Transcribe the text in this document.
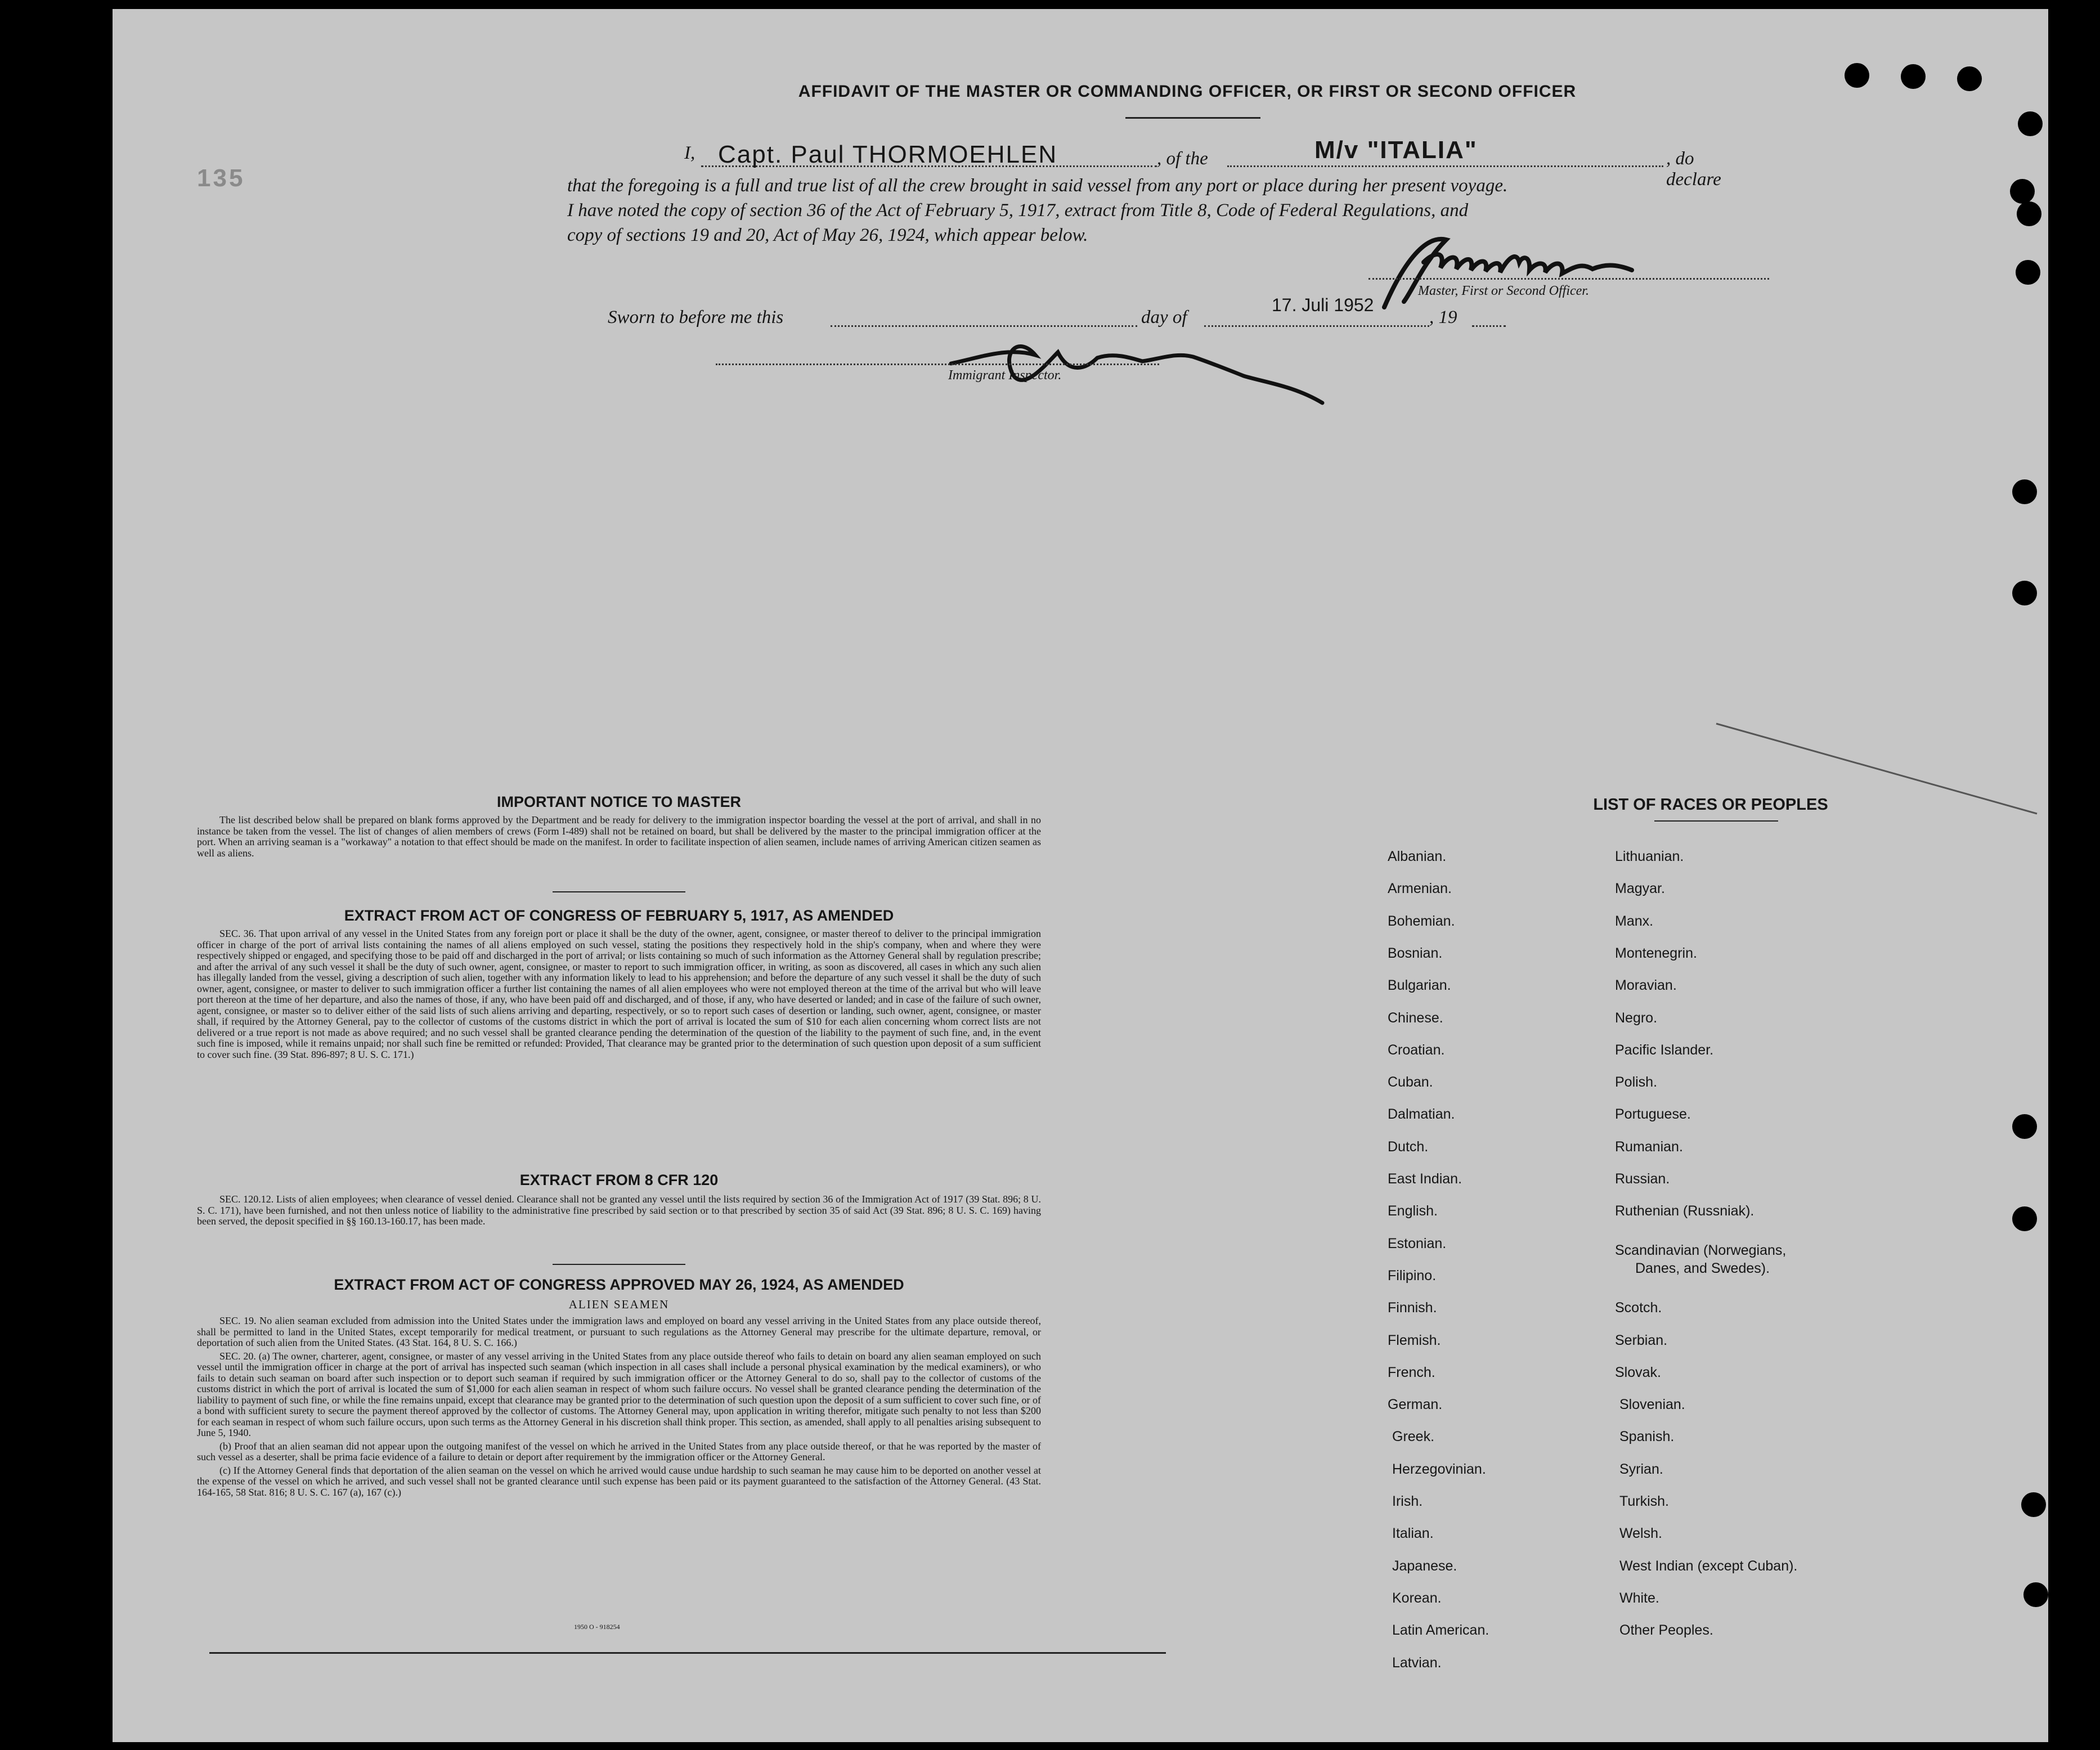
135
AFFIDAVIT OF THE MASTER OR COMMANDING OFFICER, OR FIRST OR SECOND OFFICER
I, Capt. Paul THORMOEHLEN	, of the	M/v "ITALIA"	, do declare
that the foregoing is a full and true list of all the crew brought in said vessel from any port or place during her present voyage.
I have noted the copy of section 36 of the Act of February 5, 1917, extract from Title 8, Code of Federal Regulations, and
copy of sections 19 and 20, Act of May 26, 1924, which appear below.
Master, First or Second Officer.
Sworn to before me this	day of
17. Juli 1952
, 19
Immigrant Inspector.
IMPORTANT NOTICE TO MASTER

The list described below shall be prepared on blank forms approved by the Department and be ready for delivery to the immigration inspector boarding the vessel at the port of arrival, and shall in no instance be taken from the vessel. The list of changes of alien members of crews (Form I-489) shall not be retained on board, but shall be delivered by the master to the principal immigration officer at the port. When an arriving seaman is a "workaway" a notation to that effect should be made on the manifest. In order to facilitate inspection of alien seamen, include names of arriving American citizen seamen as well as aliens.

EXTRACT FROM ACT OF CONGRESS OF FEBRUARY 5, 1917, AS AMENDED

SEC. 36. That upon arrival of any vessel in the United States from any foreign port or place it shall be the duty of the owner, agent, consignee, or master thereof to deliver to the principal immigration officer in charge of the port of arrival lists containing the names of all aliens employed on such vessel, stating the positions they respectively hold in the ship's company, when and where they were respectively shipped or engaged, and specifying those to be paid off and discharged in the port of arrival; or lists containing so much of such information as the Attorney General shall by regulation prescribe; and after the arrival of any such vessel it shall be the duty of such owner, agent, consignee, or master to report to such immigration officer, in writing, as soon as discovered, all cases in which any such alien has illegally landed from the vessel, giving a description of such alien, together with any information likely to lead to his apprehension; and before the departure of any such vessel it shall be the duty of such owner, agent, consignee, or master to deliver to such immigration officer a further list containing the names of all alien employees who were not employed thereon at the time of the arrival but who will leave port thereon at the time of her departure, and also the names of those, if any, who have been paid off and discharged, and of those, if any, who have deserted or landed; and in case of the failure of such owner, agent, consignee, or master so to deliver either of the said lists of such aliens arriving and departing, respectively, or so to report such cases of desertion or landing, such owner, agent, consignee, or master shall, if required by the Attorney General, pay to the collector of customs of the customs district in which the port of arrival is located the sum of $10 for each alien concerning whom correct lists are not delivered or a true report is not made as above required; and no such vessel shall be granted clearance pending the determination of the question of the liability to the payment of such fine, and, in the event such fine is imposed, while it remains unpaid; nor shall such fine be remitted or refunded: Provided, That clearance may be granted prior to the determination of such question upon deposit of a sum sufficient to cover such fine. (39 Stat. 896-897; 8 U. S. C. 171.)

EXTRACT FROM 8 CFR 120

SEC. 120.12. Lists of alien employees; when clearance of vessel denied. Clearance shall not be granted any vessel until the lists required by section 36 of the Immigration Act of 1917 (39 Stat. 896; 8 U. S. C. 171), have been furnished, and not then unless notice of liability to the administrative fine prescribed by said section or to that prescribed by section 35 of said Act (39 Stat. 896; 8 U. S. C. 169) having been served, the deposit specified in §§ 160.13-160.17, has been made.

EXTRACT FROM ACT OF CONGRESS APPROVED MAY 26, 1924, AS AMENDED
ALIEN SEAMEN

SEC. 19. No alien seaman excluded from admission into the United States under the immigration laws and employed on board any vessel arriving in the United States from any place outside thereof, shall be permitted to land in the United States, except temporarily for medical treatment, or pursuant to such regulations as the Attorney General may prescribe for the ultimate departure, removal, or deportation of such alien from the United States. (43 Stat. 164, 8 U. S. C. 166.)

SEC. 20. (a) The owner, charterer, agent, consignee, or master of any vessel arriving in the United States from any place outside thereof who fails to detain on board any alien seaman employed on such vessel until the immigration officer in charge at the port of arrival has inspected such seaman (which inspection in all cases shall include a personal physical examination by the medical examiners), or who fails to detain such seaman on board after such inspection or to deport such seaman if required by such immigration officer or the Attorney General to do so, shall pay to the collector of customs of the customs district in which the port of arrival is located the sum of $1,000 for each alien seaman in respect of whom such failure occurs. No vessel shall be granted clearance pending the determination of the liability to payment of such fine, or while the fine remains unpaid, except that clearance may be granted prior to the determination of such question upon the deposit of a sum sufficient to cover such fine, or of a bond with sufficient surety to secure the payment thereof approved by the collector of customs. The Attorney General may, upon application in writing therefor, mitigate such penalty to not less than $200 for each seaman in respect of whom such failure occurs, upon such terms as the Attorney General in his discretion shall think proper. This section, as amended, shall apply to all penalties arising subsequent to June 5, 1940.

(b) Proof that an alien seaman did not appear upon the outgoing manifest of the vessel on which he arrived in the United States from any place outside thereof, or that he was reported by the master of such vessel as a deserter, shall be prima facie evidence of a failure to detain or deport after requirement by the immigration officer or the Attorney General.

(c) If the Attorney General finds that deportation of the alien seaman on the vessel on which he arrived would cause undue hardship to such seaman he may cause him to be deported on another vessel at the expense of the vessel on which he arrived, and such vessel shall not be granted clearance until such expense has been paid or its payment guaranteed to the satisfaction of the Attorney General. (43 Stat. 164-165, 58 Stat. 816; 8 U. S. C. 167 (a), 167 (c).)

1950 O - 918254
LIST OF RACES OR PEOPLES
Albanian.
Armenian.
Bohemian.
Bosnian.
Bulgarian.
Chinese.
Croatian.
Cuban.
Dalmatian.
Dutch.
East Indian.
English.
Estonian.
Filipino.
Finnish.
Flemish.
French.
German.
Greek.
Herzegovinian.
Irish.
Italian.
Japanese.
Korean.
Latin American.
Latvian.
Lithuanian.
Magyar.
Manx.
Montenegrin.
Moravian.
Negro.
Pacific Islander.
Polish.
Portuguese.
Rumanian.
Russian.
Ruthenian (Russniak).
Scandinavian (Norwegians,
Danes, and Swedes).
Scotch.
Serbian.
Slovak.
Slovenian.
Spanish.
Syrian.
Turkish.
Welsh.
West Indian (except Cuban).
White.
Other Peoples.
